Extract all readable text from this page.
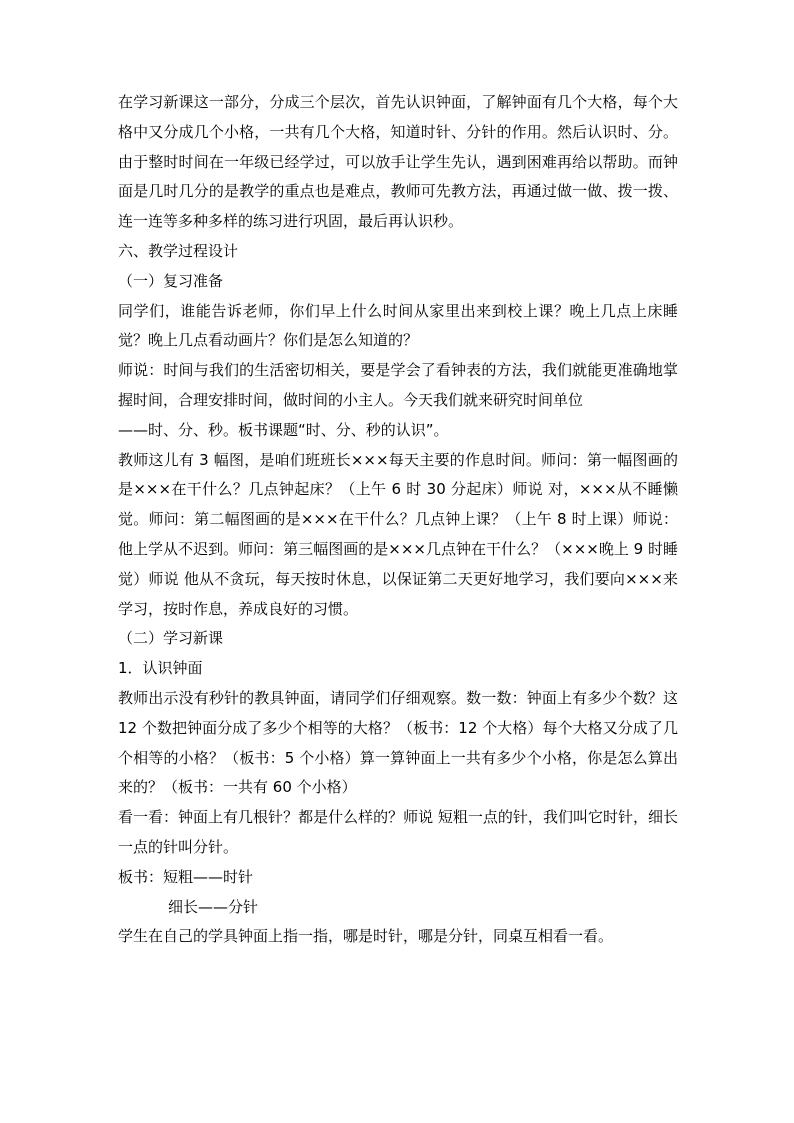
在学习新课这一部分，分成三个层次，首先认识钟面，了解钟面有几个大格，每个大格中又分成几个小格，一共有几个大格，知道时针、分针的作用。然后认识时、分。由于整时时间在一年级已经学过，可以放手让学生先认，遇到困难再给以帮助。而钟面是几时几分的是教学的重点也是难点，教师可先教方法，再通过做一做、拨一拨、连一连等多种多样的练习进行巩固，最后再认识秒。

六、教学过程设计

（一）复习准备

同学们，谁能告诉老师，你们早上什么时间从家里出来到校上课？晚上几点上床睡觉？晚上几点看动画片？你们是怎么知道的？

师说：时间与我们的生活密切相关，要是学会了看钟表的方法，我们就能更准确地掌握时间，合理安排时间，做时间的小主人。今天我们就来研究时间单位

——时、分、秒。板书课题“时、分、秒的认识”。

教师这儿有 3 幅图，是咱们班班长×××每天主要的作息时间。师问：第一幅图画的是×××在干什么？几点钟起床？（上午 6 时 30 分起床）师说 对，×××从不睡懒觉。师问：第二幅图画的是×××在干什么？几点钟上课？（上午 8 时上课）师说：他上学从不迟到。师问：第三幅图画的是×××几点钟在干什么？（×××晚上 9 时睡觉）师说 他从不贪玩，每天按时休息，以保证第二天更好地学习，我们要向×××来学习，按时作息，养成良好的习惯。

（二）学习新课

1．认识钟面

教师出示没有秒针的教具钟面，请同学们仔细观察。数一数：钟面上有多少个数？这 12 个数把钟面分成了多少个相等的大格？（板书：12 个大格）每个大格又分成了几个相等的小格？（板书：5 个小格）算一算钟面上一共有多少个小格，你是怎么算出来的？（板书：一共有 60 个小格）

看一看：钟面上有几根针？都是什么样的？师说 短粗一点的针，我们叫它时针，细长一点的针叫分针。

板书：短粗——时针

细长——分针

学生在自己的学具钟面上指一指，哪是时针，哪是分针，同桌互相看一看。
